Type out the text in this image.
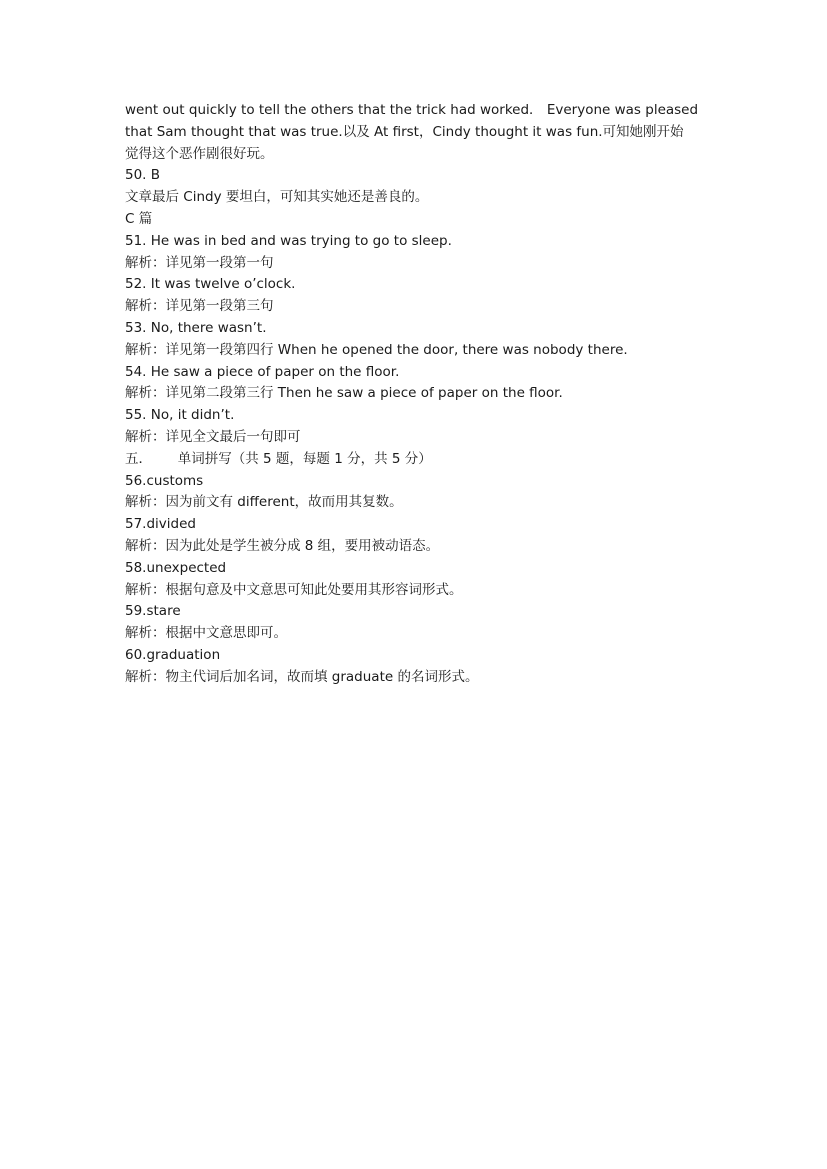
went out quickly to tell the others that the trick had worked． Everyone was pleased
that Sam thought that was true.以及 At first，Cindy thought it was fun.可知她刚开始
觉得这个恶作剧很好玩。
50. B
文章最后 Cindy 要坦白，可知其实她还是善良的。
C 篇
51. He was in bed and was trying to go to sleep.
解析：详见第一段第一句
52. It was twelve o’clock.
解析：详见第一段第三句
53. No, there wasn’t.
解析：详见第一段第四行 When he opened the door, there was nobody there.
54. He saw a piece of paper on the floor.
解析：详见第二段第三行 Then he saw a piece of paper on the floor.
55. No, it didn’t.
解析：详见全文最后一句即可
五．      单词拼写（共 5 题，每题 1 分，共 5 分）
56.customs
解析：因为前文有 different，故而用其复数。
57.divided
解析：因为此处是学生被分成 8 组，要用被动语态。
58.unexpected
解析：根据句意及中文意思可知此处要用其形容词形式。
59.stare
解析：根据中文意思即可。
60.graduation
解析：物主代词后加名词，故而填 graduate 的名词形式。
